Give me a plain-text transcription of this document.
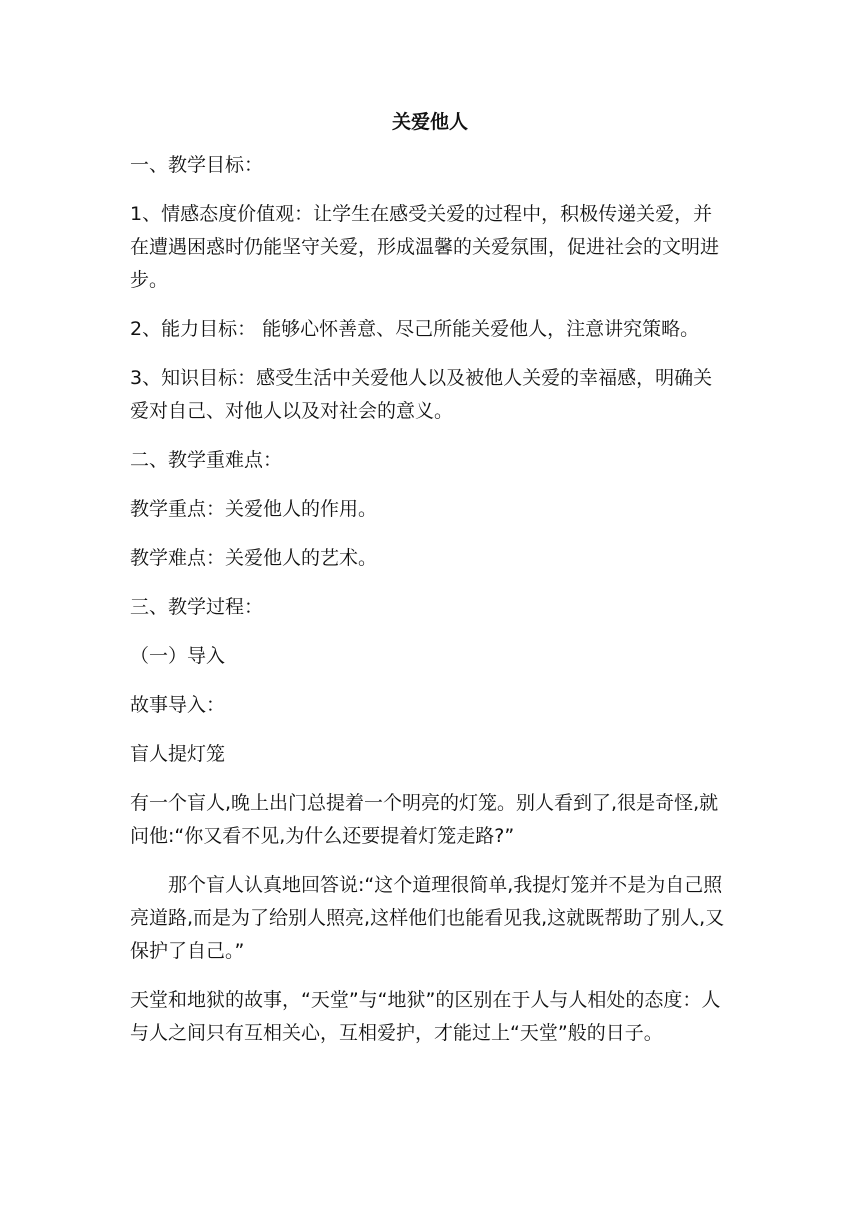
关爱他人

一、教学目标：

1、情感态度价值观：让学生在感受关爱的过程中，积极传递关爱，并在遭遇困惑时仍能坚守关爱，形成温馨的关爱氛围，促进社会的文明进步。

2、能力目标： 能够心怀善意、尽己所能关爱他人，注意讲究策略。

3、知识目标：感受生活中关爱他人以及被他人关爱的幸福感，明确关爱对自己、对他人以及对社会的意义。

二、教学重难点：

教学重点：关爱他人的作用。

教学难点：关爱他人的艺术。

三、教学过程：

（一）导入

故事导入：

盲人提灯笼

有一个盲人,晚上出门总提着一个明亮的灯笼。别人看到了,很是奇怪,就问他:“你又看不见,为什么还要提着灯笼走路?”

那个盲人认真地回答说:“这个道理很简单,我提灯笼并不是为自己照亮道路,而是为了给别人照亮,这样他们也能看见我,这就既帮助了别人,又保护了自己。”

天堂和地狱的故事，“天堂”与“地狱”的区别在于人与人相处的态度：人与人之间只有互相关心，互相爱护，才能过上“天堂”般的日子。
